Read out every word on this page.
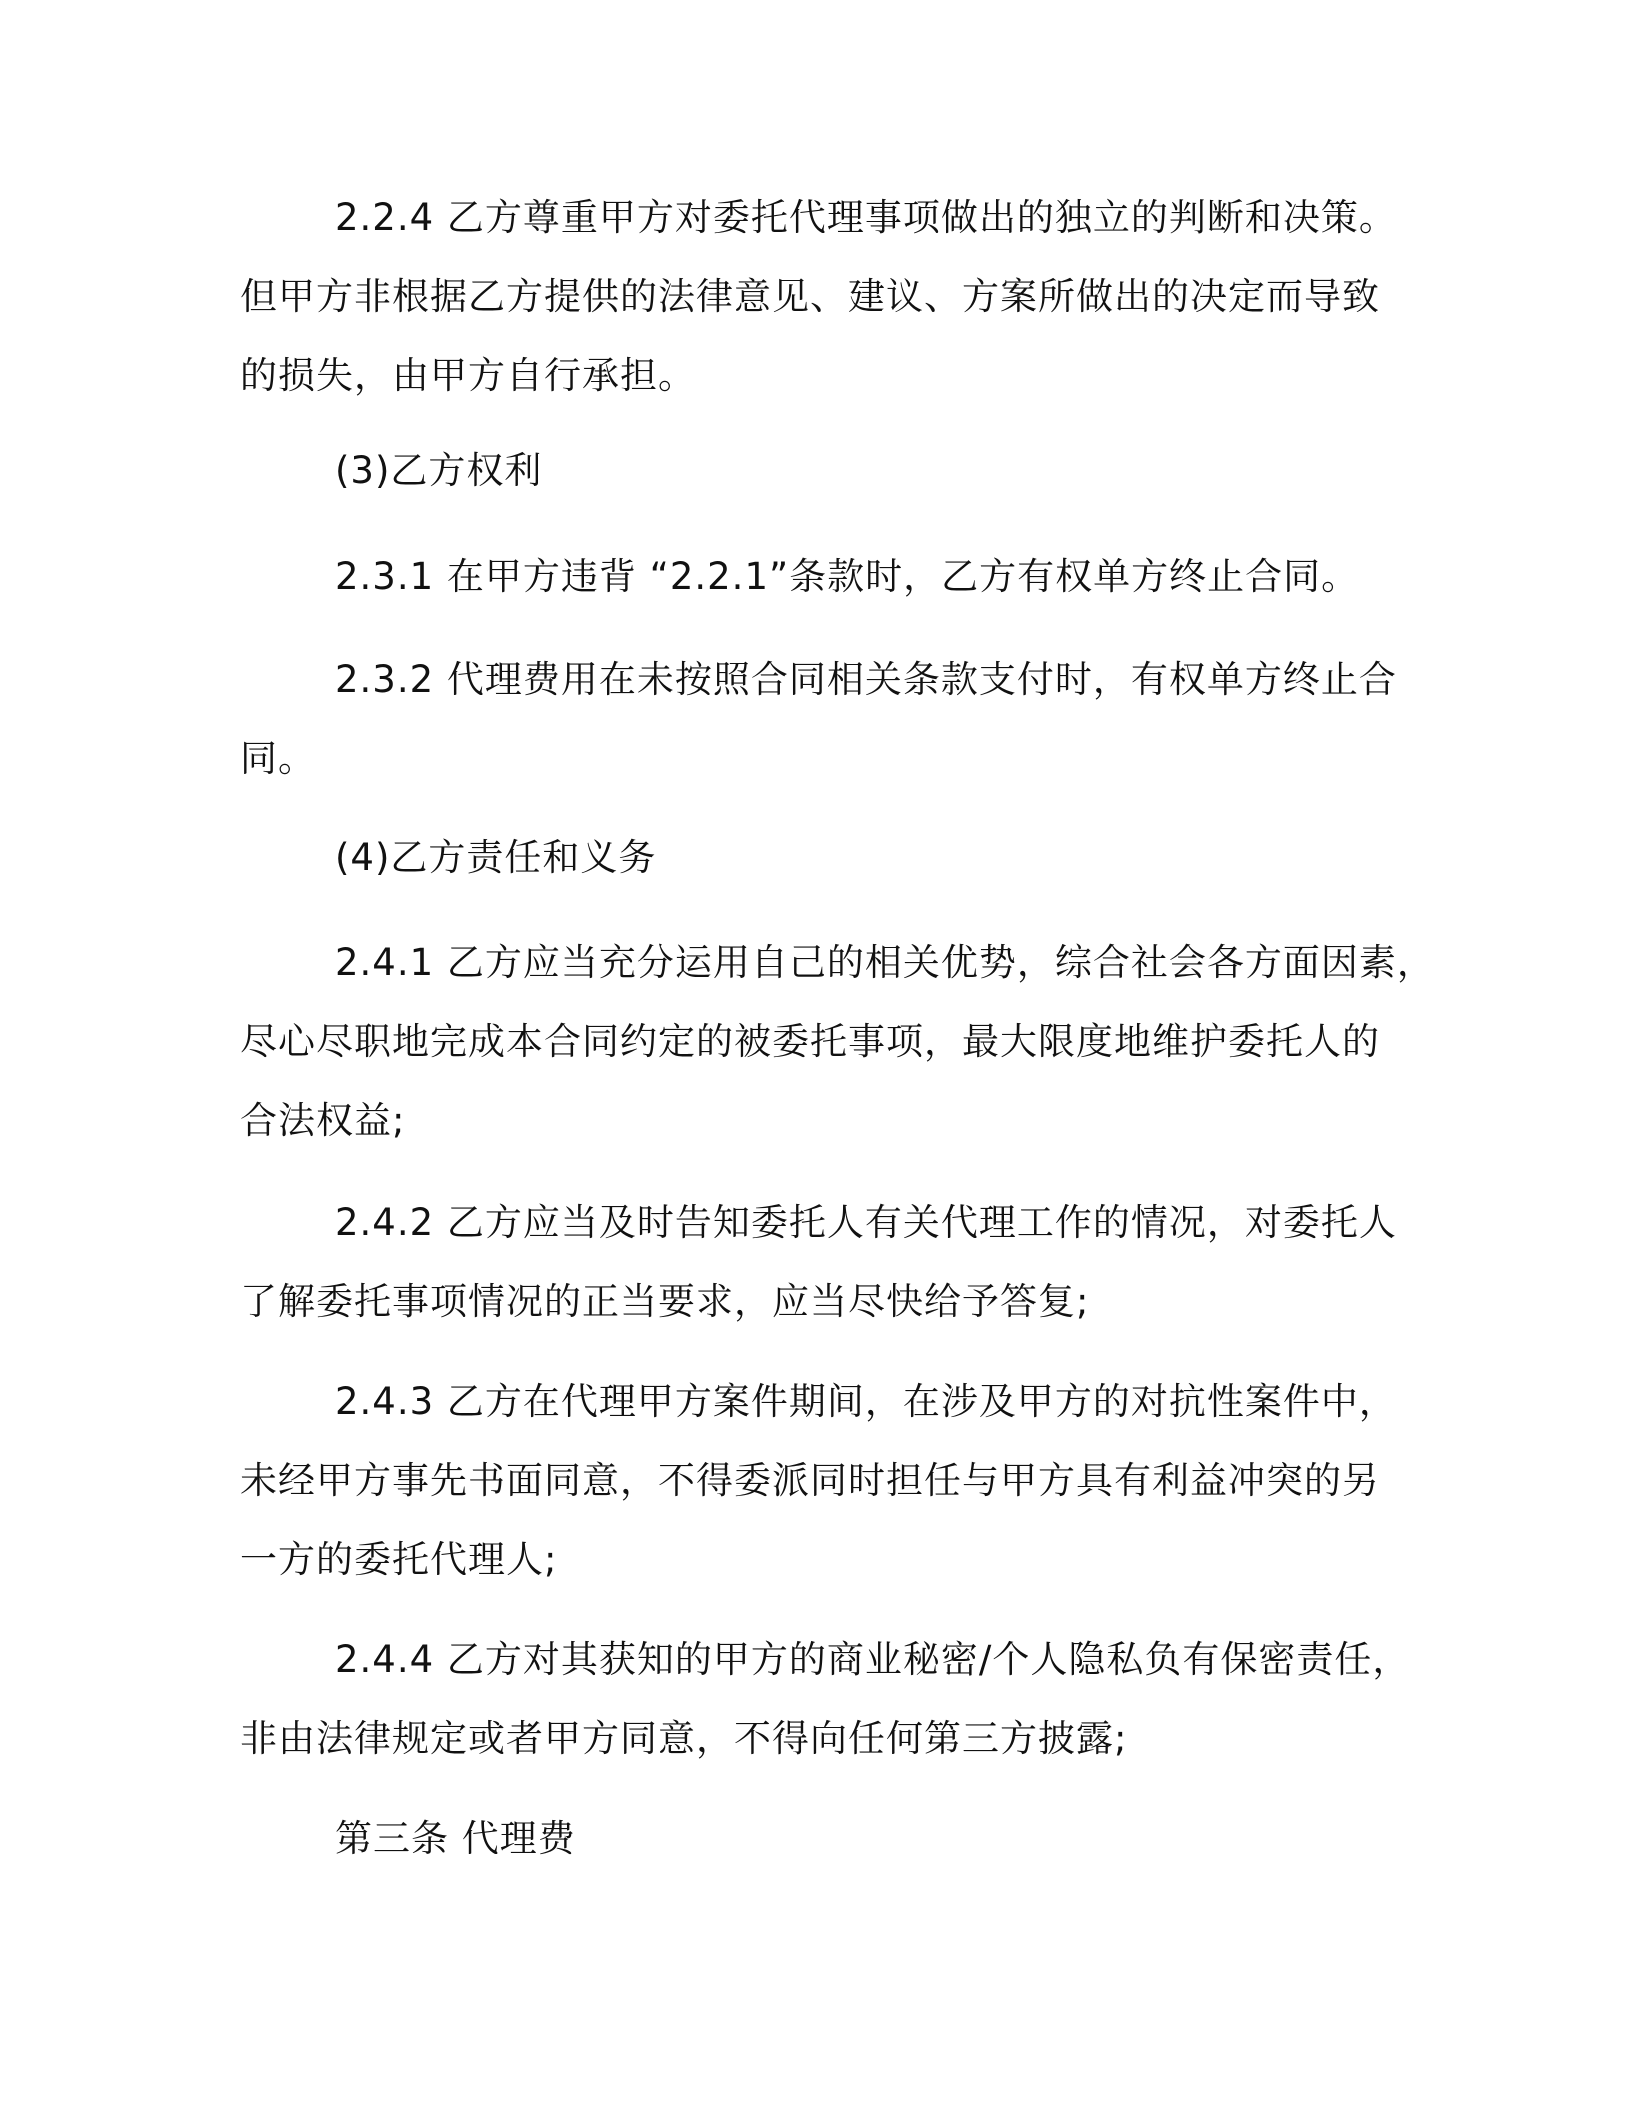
2.2.4 乙方尊重甲方对委托代理事项做出的独立的判断和决策。
但甲方非根据乙方提供的法律意见、建议、方案所做出的决定而导致
的损失，由甲方自行承担。
(3)乙方权利
2.3.1 在甲方违背 “2.2.1”条款时，乙方有权单方终止合同。
2.3.2 代理费用在未按照合同相关条款支付时，有权单方终止合
同。
(4)乙方责任和义务
2.4.1 乙方应当充分运用自己的相关优势，综合社会各方面因素，
尽心尽职地完成本合同约定的被委托事项，最大限度地维护委托人的
合法权益;
2.4.2 乙方应当及时告知委托人有关代理工作的情况，对委托人
了解委托事项情况的正当要求，应当尽快给予答复;
2.4.3 乙方在代理甲方案件期间，在涉及甲方的对抗性案件中，
未经甲方事先书面同意，不得委派同时担任与甲方具有利益冲突的另
一方的委托代理人;
2.4.4 乙方对其获知的甲方的商业秘密/个人隐私负有保密责任，
非由法律规定或者甲方同意，不得向任何第三方披露;
第三条 代理费
